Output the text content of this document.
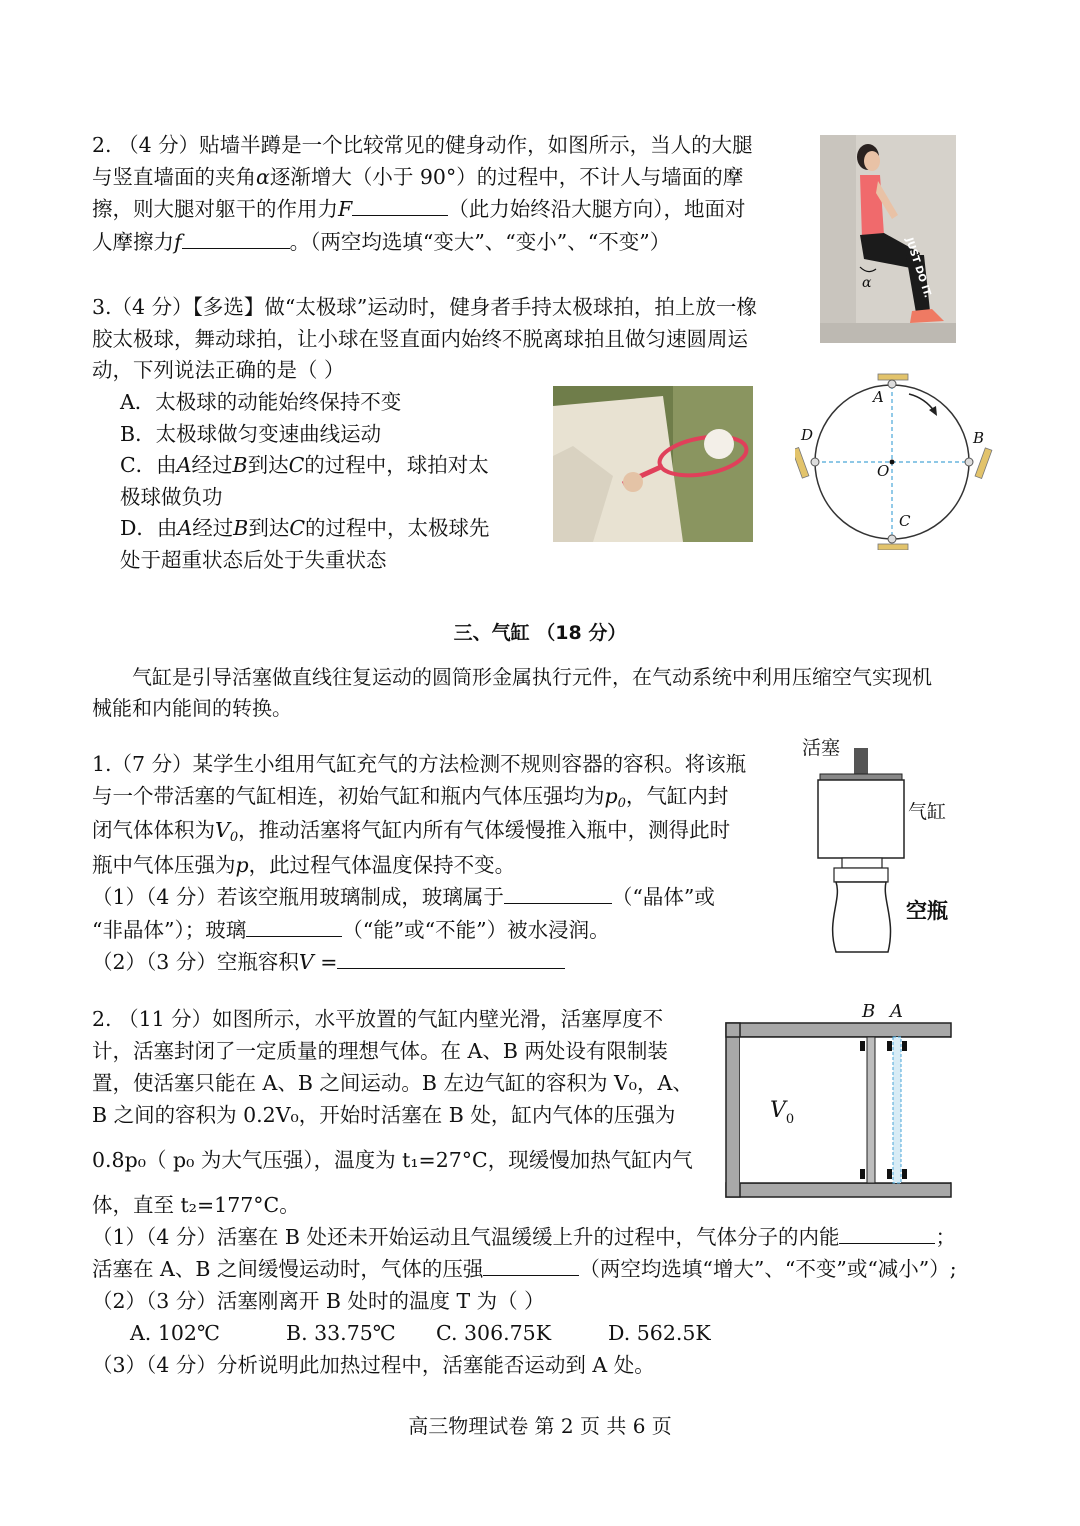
2. （4 分）贴墙半蹲是一个比较常见的健身动作，如图所示，当人的大腿
与竖直墙面的夹角α逐渐增大（小于 90°）的过程中，不计人与墙面的摩
擦，则大腿对躯干的作用力F	（此力始终沿大腿方向），地面对
人摩擦力f	。（两空均选填“变大”、“变小”、“不变”）
α	JUST DO IT.
3.（4 分）【多选】做“太极球”运动时，健身者手持太极球拍，拍上放一橡
胶太极球，舞动球拍，让小球在竖直面内始终不脱离球拍且做匀速圆周运
动，下列说法正确的是（ ）
A．太极球的动能始终保持不变
B．太极球做匀变速曲线运动
C．由A经过B到达C的过程中，球拍对太
极球做负功
D．由A经过B到达C的过程中，太极球先
处于超重状态后处于失重状态
A
B
C
D
O
三、气缸 （18 分）
气缸是引导活塞做直线往复运动的圆筒形金属执行元件，在气动系统中利用压缩空气实现机
械能和内能间的转换。
1.（7 分）某学生小组用气缸充气的方法检测不规则容器的容积。将该瓶
与一个带活塞的气缸相连，初始气缸和瓶内气体压强均为p0，气缸内封
闭气体体积为V0，推动活塞将气缸内所有气体缓慢推入瓶中，测得此时
瓶中气体压强为p，此过程气体温度保持不变。
（1）（4 分）若该空瓶用玻璃制成，玻璃属于	（“晶体”或
“非晶体”）；玻璃	（“能”或“不能”）被水浸润。
（2）（3 分）空瓶容积V =
活塞
气缸
空瓶
2. （11 分）如图所示，水平放置的气缸内壁光滑，活塞厚度不
计，活塞封闭了一定质量的理想气体。在 A、B 两处设有限制装
置，使活塞只能在 A、B 之间运动。B 左边气缸的容积为 V₀，A、
B 之间的容积为 0.2V₀，开始时活塞在 B 处，缸内气体的压强为
0.8p₀（ p₀ 为大气压强），温度为 t₁=27°C，现缓慢加热气缸内气
体，直至 t₂=177°C。
（1）（4 分）活塞在 B 处还未开始运动且气温缓缓上升的过程中，气体分子的内能	；
活塞在 A、B 之间缓慢运动时，气体的压强	（两空均选填“增大”、“不变”或“减小”）;
（2）（3 分）活塞刚离开 B 处时的温度 T 为（ ）
A. 102℃	B. 33.75℃ C. 306.75K	D. 562.5K
（3）（4 分）分析说明此加热过程中，活塞能否运动到 A 处。
B A
$V_0$
高三物理试卷 第 2 页 共 6 页
